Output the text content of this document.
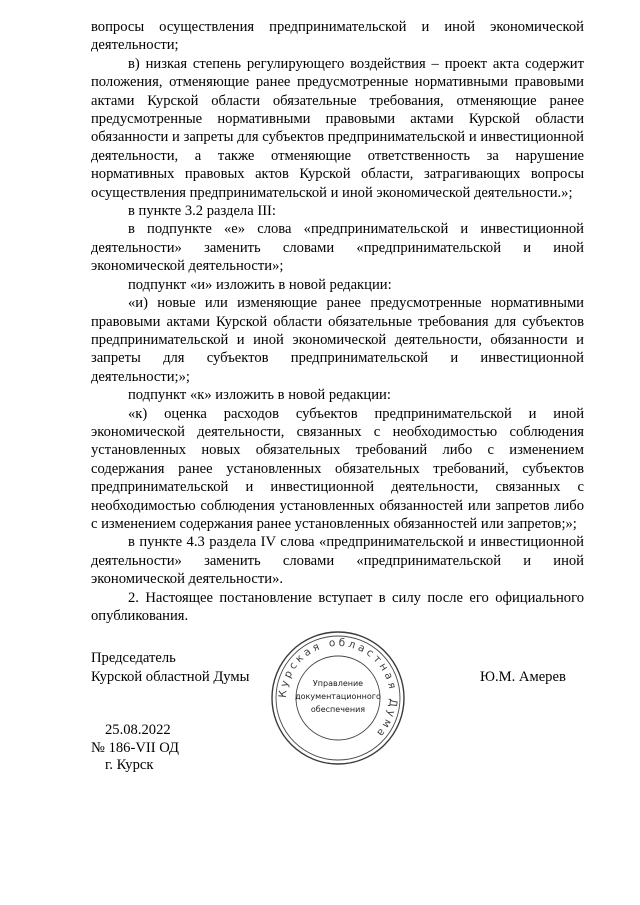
вопросы осуществления предпринимательской и иной экономической деятельности;

в) низкая степень регулирующего воздействия – проект акта содержит положения, отменяющие ранее предусмотренные нормативными правовыми актами Курской области обязательные требования, отменяющие ранее предусмотренные нормативными правовыми актами Курской области обязанности и запреты для субъектов предпринимательской и инвестиционной деятельности, а также отменяющие ответственность за нарушение нормативных правовых актов Курской области, затрагивающих вопросы осуществления предпринимательской и иной экономической деятельности.»;

в пункте 3.2 раздела III:

в подпункте «е» слова «предпринимательской и инвестиционной деятельности» заменить словами «предпринимательской и иной экономической деятельности»;

подпункт «и» изложить в новой редакции:

«и) новые или изменяющие ранее предусмотренные нормативными правовыми актами Курской области обязательные требования для субъектов предпринимательской и иной экономической деятельности, обязанности и запреты для субъектов предпринимательской и инвестиционной деятельности;»;

подпункт «к» изложить в новой редакции:

«к) оценка расходов субъектов предпринимательской и иной экономической деятельности, связанных с необходимостью соблюдения установленных новых обязательных требований либо с изменением содержания ранее установленных обязательных требований, субъектов предпринимательской и инвестиционной деятельности, связанных с необходимостью соблюдения установленных обязанностей или запретов либо с изменением содержания ранее установленных обязанностей или запретов;»;

в пункте 4.3 раздела IV слова «предпринимательской и инвестиционной деятельности» заменить словами «предпринимательской и иной экономической деятельности».

2. Настоящее постановление вступает в силу после его официального опубликования.

Председатель
Курской областной Думы	Ю.М. Амерев
Курская областная Дума
Управление
документационного
обеспечения
25.08.2022
№ 186-VII ОД
г. Курск
